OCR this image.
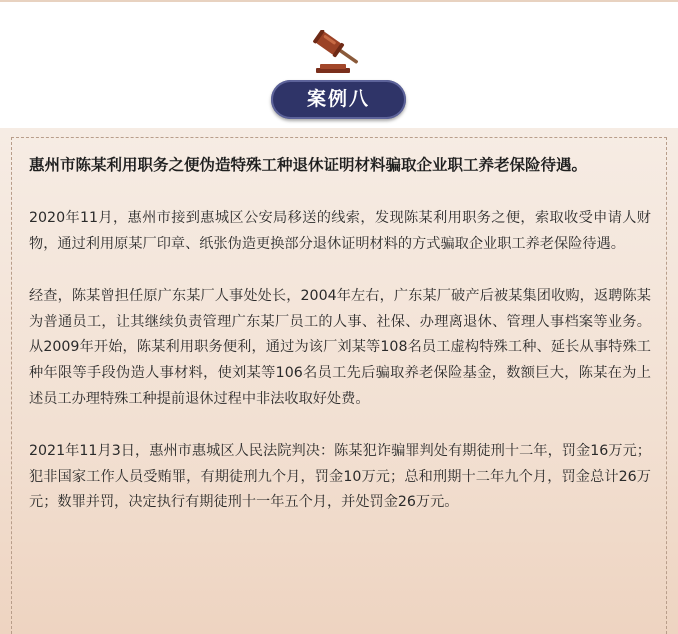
案例八

惠州市陈某利用职务之便伪造特殊工种退休证明材料骗取企业职工养老保险待遇。

2020年11月，惠州市接到惠城区公安局移送的线索，发现陈某利用职务之便，索取收受申请人财物，通过利用原某厂印章、纸张伪造更换部分退休证明材料的方式骗取企业职工养老保险待遇。

经查，陈某曾担任原广东某厂人事处处长，2004年左右，广东某厂破产后被某集团收购，返聘陈某为普通员工，让其继续负责管理广东某厂员工的人事、社保、办理离退休、管理人事档案等业务。从2009年开始，陈某利用职务便利，通过为该厂刘某等108名员工虚构特殊工种、延长从事特殊工种年限等手段伪造人事材料，使刘某等106名员工先后骗取养老保险基金，数额巨大，陈某在为上述员工办理特殊工种提前退休过程中非法收取好处费。

2021年11月3日，惠州市惠城区人民法院判决：陈某犯诈骗罪判处有期徒刑十二年，罚金16万元；犯非国家工作人员受贿罪，有期徒刑九个月，罚金10万元；总和刑期十二年九个月，罚金总计26万元；数罪并罚，决定执行有期徒刑十一年五个月，并处罚金26万元。
